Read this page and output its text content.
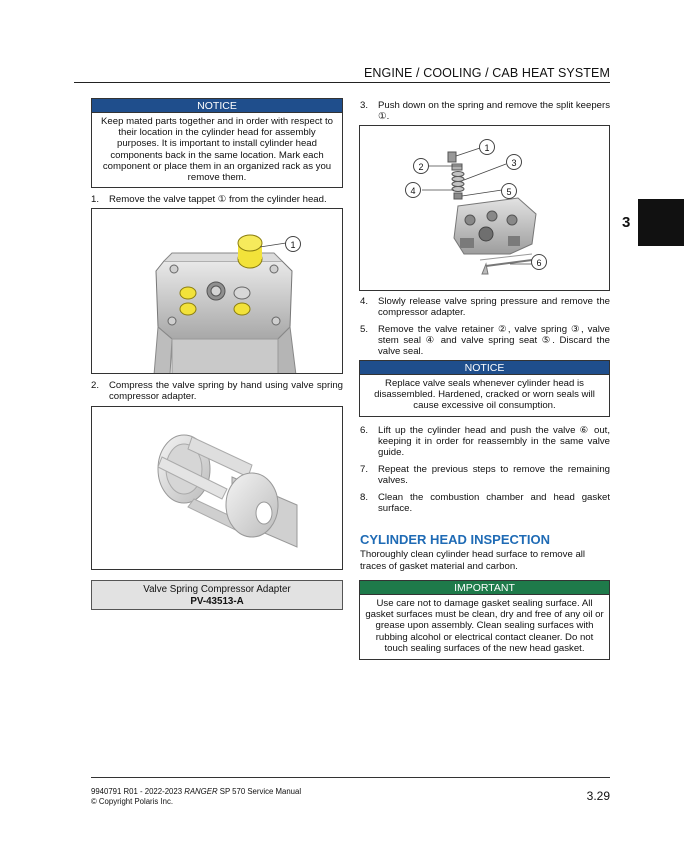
ENGINE / COOLING / CAB HEAT SYSTEM
3
NOTICE
Keep mated parts together and in order with respect to their location in the cylinder head for assembly purposes. It is important to install cylinder head components back in the same location. Mark each component or place them in an organized rack as you remove them.
1. Remove the valve tappet ① from the cylinder head.
1
2. Compress the valve spring by hand using valve spring compressor adapter.
Valve Spring Compressor Adapter
PV-43513-A
3. Push down on the spring and remove the split keepers ①.
1
2	3
4	5
6
4. Slowly release valve spring pressure and remove the compressor adapter.
5. Remove the valve retainer ②, valve spring ③, valve stem seal ④ and valve spring seat ⑤. Discard the valve seal.
NOTICE
Replace valve seals whenever cylinder head is disassembled. Hardened, cracked or worn seals will cause excessive oil consumption.
6. Lift up the cylinder head and push the valve ⑥ out, keeping it in order for reassembly in the same valve guide.
7. Repeat the previous steps to remove the remaining valves.
8. Clean the combustion chamber and head gasket surface.
CYLINDER HEAD INSPECTION
Thoroughly clean cylinder head surface to remove all traces of gasket material and carbon.
IMPORTANT
Use care not to damage gasket sealing surface. All gasket surfaces must be clean, dry and free of any oil or grease upon assembly. Clean sealing surfaces with rubbing alcohol or electrical contact cleaner. Do not touch sealing surfaces of the new head gasket.
9940791 R01 - 2022-2023 RANGER SP 570 Service Manual
© Copyright Polaris Inc.	3.29
